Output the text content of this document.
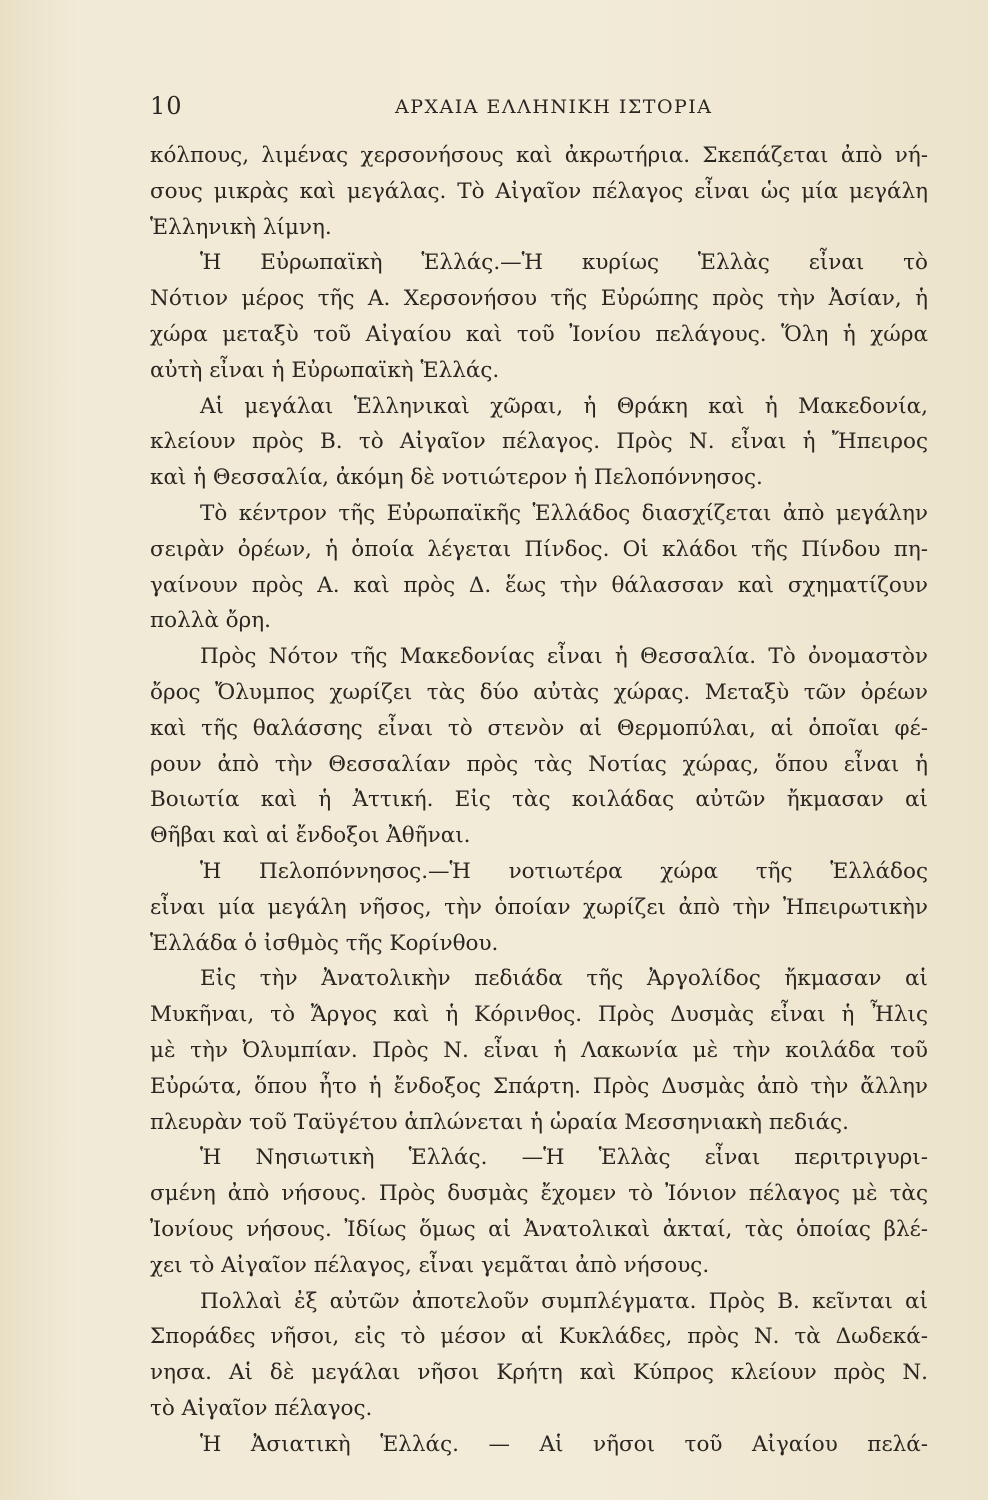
10	ΑΡΧΑΙΑ ΕΛΛΗΝΙΚΗ ΙΣΤΟΡΙΑ
κόλπους, λιμένας χερσονήσους καὶ ἀκρωτήρια. Σκεπάζεται ἀπὸ νή-
σους μικρὰς καὶ μεγάλας. Τὸ Αἰγαῖον πέλαγος εἶναι ὡς μία μεγάλη
Ἑλληνικὴ λίμνη.
Ἡ Εὐρωπαϊκὴ Ἑλλάς.—Ἡ κυρίως Ἑλλὰς εἶναι τὸ
Νότιον μέρος τῆς Α. Χερσονήσου τῆς Εὐρώπης πρὸς τὴν Ἀσίαν, ἡ
χώρα μεταξὺ τοῦ Αἰγαίου καὶ τοῦ Ἰονίου πελάγους. Ὅλη ἡ χώρα
αὐτὴ εἶναι ἡ Εὐρωπαϊκὴ Ἑλλάς.
Αἱ μεγάλαι Ἑλληνικαὶ χῶραι, ἡ Θράκη καὶ ἡ Μακεδονία,
κλείουν πρὸς Β. τὸ Αἰγαῖον πέλαγος. Πρὸς Ν. εἶναι ἡ Ἤπειρος
καὶ ἡ Θεσσαλία, ἀκόμη δὲ νοτιώτερον ἡ Πελοπόννησος.
Τὸ κέντρον τῆς Εὐρωπαϊκῆς Ἑλλάδος διασχίζεται ἀπὸ μεγάλην
σειρὰν ὀρέων, ἡ ὁποία λέγεται Πίνδος. Οἱ κλάδοι τῆς Πίνδου πη-
γαίνουν πρὸς Α. καὶ πρὸς Δ. ἕως τὴν θάλασσαν καὶ σχηματίζουν
πολλὰ ὄρη.
Πρὸς Νότον τῆς Μακεδονίας εἶναι ἡ Θεσσαλία. Τὸ ὀνομαστὸν
ὄρος Ὄλυμπος χωρίζει τὰς δύο αὐτὰς χώρας. Μεταξὺ τῶν ὀρέων
καὶ τῆς θαλάσσης εἶναι τὸ στενὸν αἱ Θερμοπύλαι, αἱ ὁποῖαι φέ-
ρουν ἀπὸ τὴν Θεσσαλίαν πρὸς τὰς Νοτίας χώρας, ὅπου εἶναι ἡ
Βοιωτία καὶ ἡ Ἀττική. Εἰς τὰς κοιλάδας αὐτῶν ἤκμασαν αἱ
Θῆβαι καὶ αἱ ἔνδοξοι Ἀθῆναι.
Ἡ Πελοπόννησος.—Ἡ νοτιωτέρα χώρα τῆς Ἑλλάδος
εἶναι μία μεγάλη νῆσος, τὴν ὁποίαν χωρίζει ἀπὸ τὴν Ἠπειρωτικὴν
Ἑλλάδα ὁ ἰσθμὸς τῆς Κορίνθου.
Εἰς τὴν Ἀνατολικὴν πεδιάδα τῆς Ἀργολίδος ἤκμασαν αἱ
Μυκῆναι, τὸ Ἄργος καὶ ἡ Κόρινθος. Πρὸς Δυσμὰς εἶναι ἡ Ἦλις
μὲ τὴν Ὀλυμπίαν. Πρὸς Ν. εἶναι ἡ Λακωνία μὲ τὴν κοιλάδα τοῦ
Εὐρώτα, ὅπου ἦτο ἡ ἔνδοξος Σπάρτη. Πρὸς Δυσμὰς ἀπὸ τὴν ἄλλην
πλευρὰν τοῦ Ταϋγέτου ἁπλώνεται ἡ ὡραία Μεσσηνιακὴ πεδιάς.
Ἡ Νησιωτικὴ Ἑλλάς. —Ἡ Ἑλλὰς εἶναι περιτριγυρι-
σμένη ἀπὸ νήσους. Πρὸς δυσμὰς ἔχομεν τὸ Ἰόνιον πέλαγος μὲ τὰς
Ἰονίους νήσους. Ἰδίως ὅμως αἱ Ἀνατολικαὶ ἀκταί, τὰς ὁποίας βλέ-
χει τὸ Αἰγαῖον πέλαγος, εἶναι γεμᾶται ἀπὸ νήσους.
Πολλαὶ ἐξ αὐτῶν ἀποτελοῦν συμπλέγματα. Πρὸς Β. κεῖνται αἱ
Σποράδες νῆσοι, εἰς τὸ μέσον αἱ Κυκλάδες, πρὸς Ν. τὰ Δωδεκά-
νησα. Αἱ δὲ μεγάλαι νῆσοι Κρήτη καὶ Κύπρος κλείουν πρὸς Ν.
τὸ Αἰγαῖον πέλαγος.
Ἡ Ἀσιατικὴ Ἑλλάς. — Αἱ νῆσοι τοῦ Αἰγαίου πελά-
